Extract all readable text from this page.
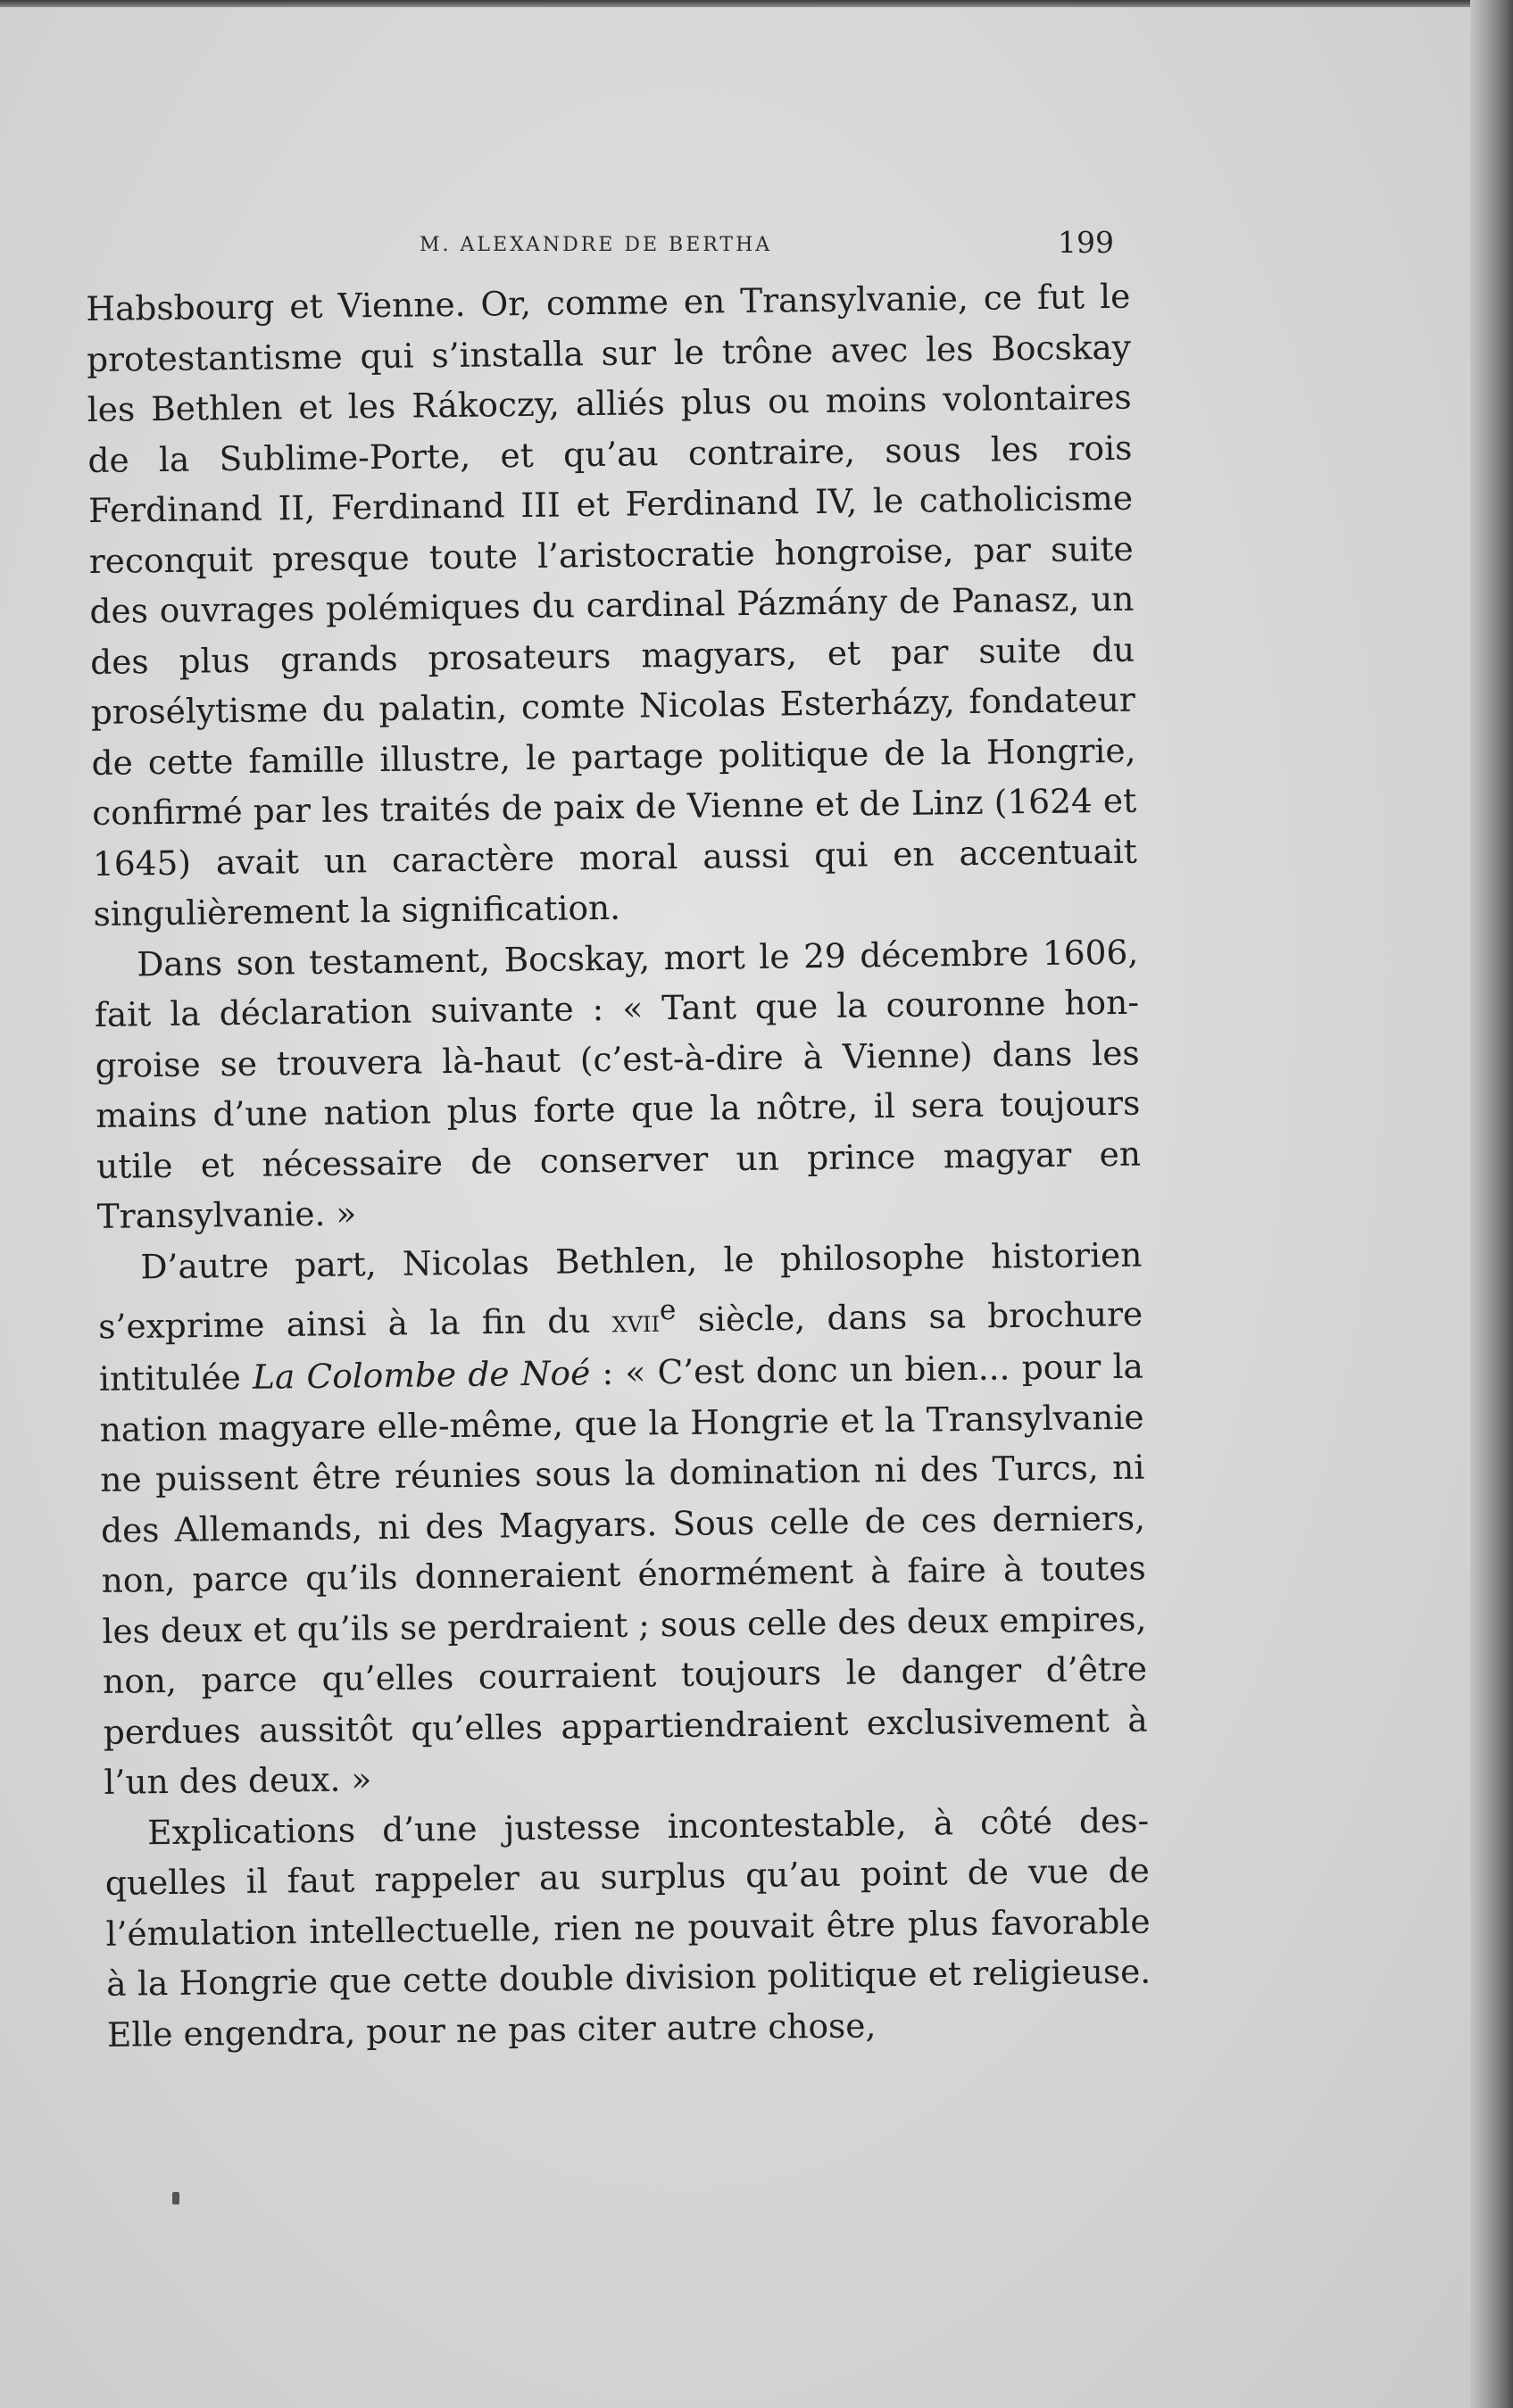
M. ALEXANDRE DE BERTHA	199

Habsbourg et Vienne. Or, comme en Transylvanie, ce fut le protestantisme qui s’installa sur le trône avec les Bocskay les Bethlen et les Rákoczy, alliés plus ou moins volontaires de la Sublime-Porte, et qu’au contraire, sous les rois Ferdinand II, Ferdinand III et Ferdinand IV, le catholicisme reconquit presque toute l’aristocratie hongroise, par suite des ouvrages polémiques du cardinal Pázmány de Panasz, un des plus grands prosateurs magyars, et par suite du prosélytisme du palatin, comte Nicolas Esterházy, fondateur de cette famille illustre, le partage politique de la Hongrie, confirmé par les traités de paix de Vienne et de Linz (1624 et 1645) avait un caractère moral aussi qui en accentuait singulièrement la signification.

Dans son testament, Bocskay, mort le 29 décembre 1606, fait la déclaration suivante : « Tant que la couronne hongroise se trouvera là-haut (c’est-à-dire à Vienne) dans les mains d’une nation plus forte que la nôtre, il sera toujours utile et nécessaire de conserver un prince magyar en Transylvanie. »

D’autre part, Nicolas Bethlen, le philosophe historien s’exprime ainsi à la fin du xvii$^e$ siècle, dans sa brochure intitulée La Colombe de Noé : « C’est donc un bien... pour la nation magyare elle-même, que la Hongrie et la Transylvanie ne puissent être réunies sous la domination ni des Turcs, ni des Allemands, ni des Magyars. Sous celle de ces derniers, non, parce qu’ils donneraient énormément à faire à toutes les deux et qu’ils se perdraient ; sous celle des deux empires, non, parce qu’elles courraient toujours le danger d’être perdues aussitôt qu’elles appartiendraient exclusivement à l’un des deux. »

Explications d’une justesse incontestable, à côté desquelles il faut rappeler au surplus qu’au point de vue de l’émulation intellectuelle, rien ne pouvait être plus favorable à la Hongrie que cette double division politique et religieuse. Elle engendra, pour ne pas citer autre chose,
